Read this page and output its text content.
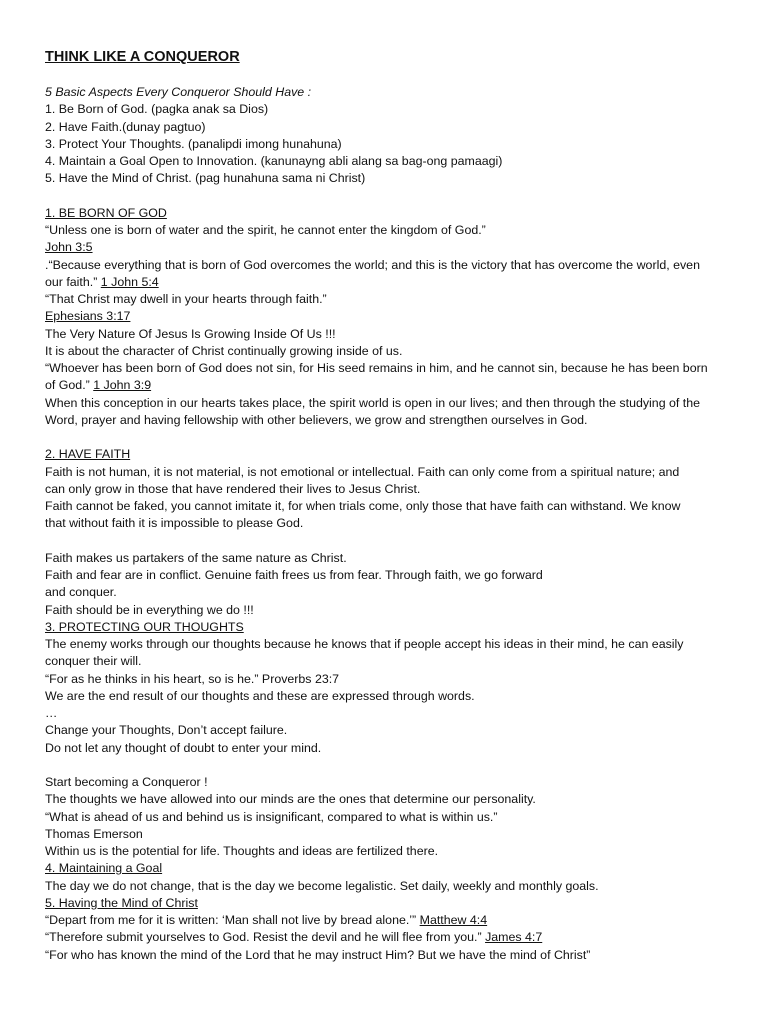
THINK LIKE A CONQUEROR
5 Basic Aspects Every Conqueror Should Have :
1. Be Born of God. (pagka anak sa Dios)
2. Have Faith.(dunay pagtuo)
3. Protect Your Thoughts. (panalipdi imong hunahuna)
4. Maintain a Goal Open to Innovation. (kanunayng abli alang sa bag-ong pamaagi)
5. Have the Mind of Christ. (pag hunahuna sama ni Christ)
1. BE BORN OF GOD
“Unless one is born of water and the spirit, he cannot enter the kingdom of God.”
John 3:5
.“Because everything that is born of God overcomes the world; and this is the victory that has overcome the world, even
our faith.” 1 John 5:4
“That Christ may dwell in your hearts through faith.”
Ephesians 3:17
The Very Nature Of Jesus Is Growing Inside Of Us !!!
It is about the character of Christ continually growing inside of us.
“Whoever has been born of God does not sin, for His seed remains in him, and he cannot sin, because he has been born
of God.” 1 John 3:9
When this conception in our hearts takes place, the spirit world is open in our lives; and then through the studying of the
Word, prayer and having fellowship with other believers, we grow and strengthen ourselves in God.
2. HAVE FAITH
Faith is not human, it is not material, is not emotional or intellectual. Faith can only come from a spiritual nature; and
can only grow in those that have rendered their lives to Jesus Christ.
Faith cannot be faked, you cannot imitate it, for when trials come, only those that have faith can withstand. We know
that without faith it is impossible to please God.
Faith makes us partakers of the same nature as Christ.
Faith and fear are in conflict. Genuine faith frees us from fear. Through faith, we go forward
and conquer.
Faith should be in everything we do !!!
3. PROTECTING OUR THOUGHTS
The enemy works through our thoughts because he knows that if people accept his ideas in their mind, he can easily
conquer their will.
“For as he thinks in his heart, so is he.” Proverbs 23:7
We are the end result of our thoughts and these are expressed through words.
…
Change your Thoughts, Don’t accept failure.
Do not let any thought of doubt to enter your mind.
Start becoming a Conqueror !
The thoughts we have allowed into our minds are the ones that determine our personality.
“What is ahead of us and behind us is insignificant, compared to what is within us.”
Thomas Emerson
Within us is the potential for life. Thoughts and ideas are fertilized there.
4. Maintaining a Goal
The day we do not change, that is the day we become legalistic. Set daily, weekly and monthly goals.
5. Having the Mind of Christ
“Depart from me for it is written: ‘Man shall not live by bread alone.’” Matthew 4:4
“Therefore submit yourselves to God. Resist the devil and he will flee from you.” James 4:7
“For who has known the mind of the Lord that he may instruct Him? But we have the mind of Christ”
